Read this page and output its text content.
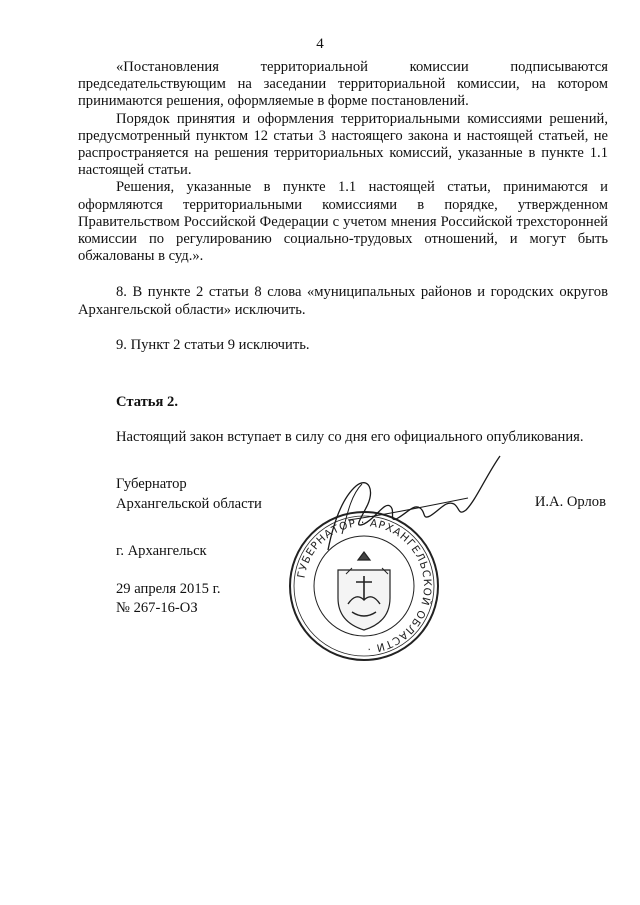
4

«Постановления территориальной комиссии подписываются председательствующим на заседании территориальной комиссии, на котором принимаются решения, оформляемые в форме постановлений.

Порядок принятия и оформления территориальными комиссиями решений, предусмотренный пунктом 12 статьи 3 настоящего закона и настоящей статьей, не распространяется на решения территориальных комиссий, указанные в пункте 1.1 настоящей статьи.

Решения, указанные в пункте 1.1 настоящей статьи, принимаются и оформляются территориальными комиссиями в порядке, утвержденном Правительством Российской Федерации с учетом мнения Российской трехсторонней комиссии по регулированию социально-трудовых отношений, и могут быть обжалованы в суд.».

8. В пункте 2 статьи 8 слова «муниципальных районов и городских округов Архангельской области» исключить.

9. Пункт 2 статьи 9 исключить.

Статья 2.

Настоящий закон вступает в силу со дня его официального опубликования.

Губернатор
Архангельской области	И.А. Орлов
г. Архангельск
29 апреля 2015 г.
№ 267-16-ОЗ
ГУБЕРНАТОР · АРХАНГЕЛЬСКОЙ ОБЛАСТИ ·
